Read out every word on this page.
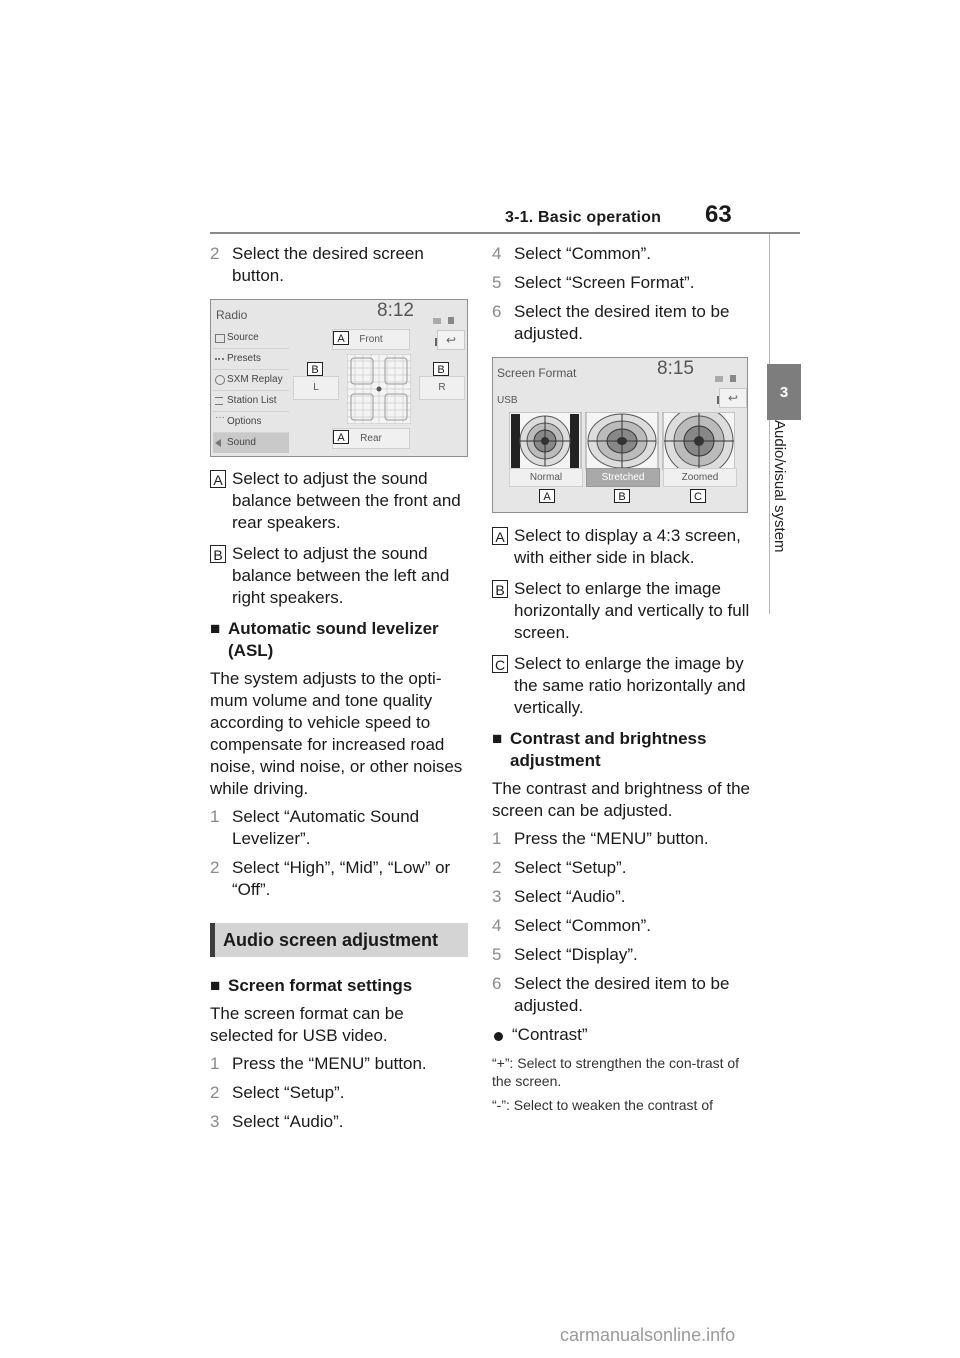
3-1. Basic operation 63
3
Audio/visual system
2 Select the desired screen button.
Radio	8:12

Source
Presets
SXM Replay
Station List
··· Options
Sound
↩
Front
Rear
L	R
A
A
B	B
A Select to adjust the sound balance between the front and rear speakers.
B Select to adjust the sound balance between the left and right speakers.
■ Automatic sound levelizer (ASL)
The system adjusts to the opti-mum volume and tone quality according to vehicle speed to compensate for increased road noise, wind noise, or other noises while driving.
1 Select “Automatic Sound Levelizer”.
2 Select “High”, “Mid”, “Low” or “Off”.
Audio screen adjustment
■ Screen format settings
The screen format can be selected for USB video.
1 Press the “MENU” button.
2 Select “Setup”.
3 Select “Audio”.
4 Select “Common”.
5 Select “Screen Format”.
6 Select the desired item to be adjusted.
Screen Format	8:15

USB	↩
Normal	Stretched	Zoomed
A	B	C
A Select to display a 4:3 screen, with either side in black.
B Select to enlarge the image horizontally and vertically to full screen.
C Select to enlarge the image by the same ratio horizontally and vertically.
■ Contrast and brightness adjustment
The contrast and brightness of the screen can be adjusted.
1 Press the “MENU” button.
2 Select “Setup”.
3 Select “Audio”.
4 Select “Common”.
5 Select “Display”.
6 Select the desired item to be adjusted.
“Contrast”
“+”: Select to strengthen the con-trast of the screen.
“-”: Select to weaken the contrast of
carmanualsonline.info
